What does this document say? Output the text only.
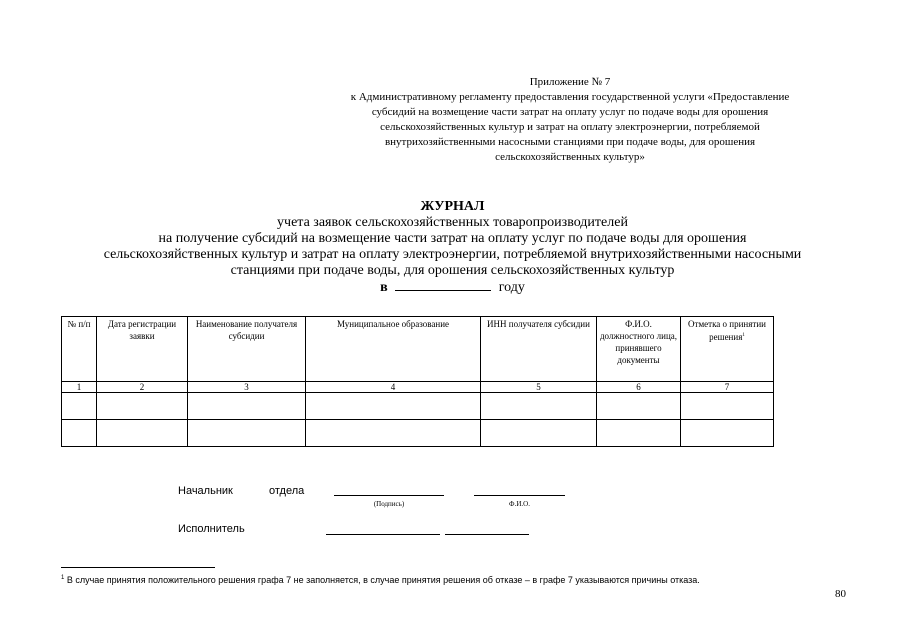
Приложение № 7
к Административному регламенту предоставления государственной услуги «Предоставление
субсидий на возмещение части затрат на оплату услуг по подаче воды для орошения
сельскохозяйственных культур и затрат на оплату электроэнергии, потребляемой
внутрихозяйственными насосными станциями при подаче воды, для орошения
сельскохозяйственных культур»
ЖУРНАЛ
учета заявок сельскохозяйственных товаропроизводителей
на получение субсидий на возмещение части затрат на оплату услуг по подаче воды для орошения
сельскохозяйственных культур и затрат на оплату электроэнергии, потребляемой внутрихозяйственными насосными
станциями при подаче воды, для орошения сельскохозяйственных культур
в	году
№ п/п	Дата регистрации заявки	Наименование получателя субсидии	Муниципальное образование	ИНН получателя субсидии	Ф.И.О. должностного лица, принявшего документы	Отметка о принятии решения$^1$
1	2	3	4	5	6	7

Начальник	отдела
(Подпись)	Ф.И.О.
Исполнитель
$^1$ В случае принятия положительного решения графа 7 не заполняется, в случае принятия решения об отказе – в графе 7 указываются причины отказа.
80
